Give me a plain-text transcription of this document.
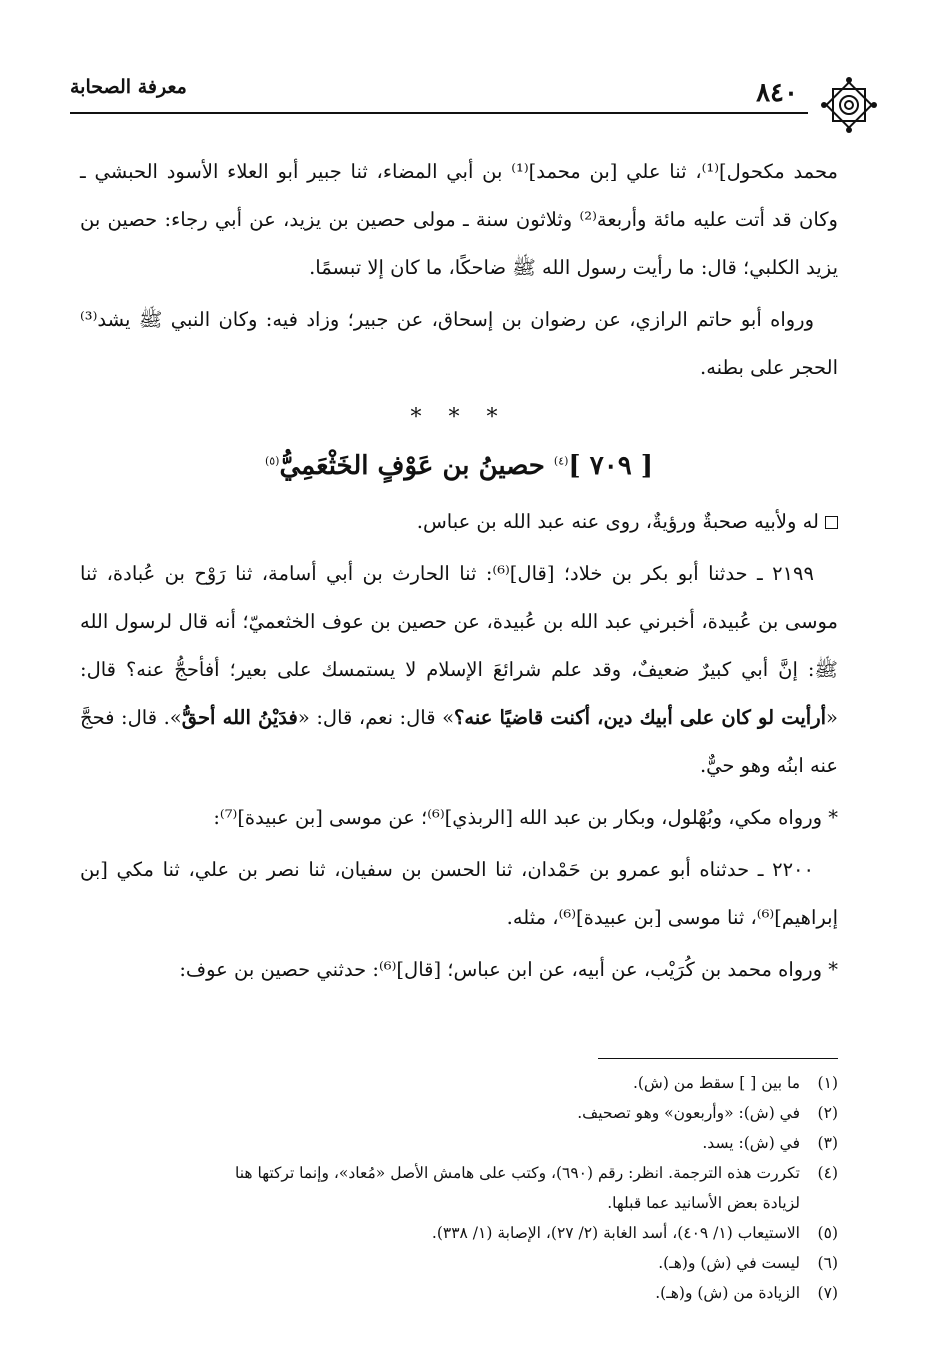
٨٤٠
معرفة الصحابة

محمد مكحول]⁽¹⁾، ثنا علي [بن محمد]⁽¹⁾ بن أبي المضاء، ثنا جبير أبو العلاء الأسود الحبشي ـ وكان قد أتت عليه مائة وأربعة⁽²⁾ وثلاثون سنة ـ مولى حصين بن يزيد، عن أبي رجاء: حصين بن يزيد الكلبي؛ قال: ما رأيت رسول الله ﷺ ضاحكًا، ما كان إلا تبسمًا.

ورواه أبو حاتم الرازي، عن رضوان بن إسحاق، عن جبير؛ وزاد فيه: وكان النبي ﷺ يشد⁽³⁾ الحجر على بطنه.

* * *
[ ٧٠٩ ]$^{(٤)}$ حصينُ بن عَوْفٍ الخَثْعَمِيُّ$^{(٥)}$

له ولأبيه صحبةٌ ورؤيةٌ، روى عنه عبد الله بن عباس.

٢١٩٩ ـ حدثنا أبو بكر بن خلاد؛ [قال]⁽⁶⁾: ثنا الحارث بن أبي أسامة، ثنا رَوْح بن عُبادة، ثنا موسى بن عُبيدة، أخبرني عبد الله بن عُبيدة، عن حصين بن عوف الخثعميّ؛ أنه قال لرسول الله ﷺ: إنَّ أبي كبيرٌ ضعيفٌ، وقد علم شرائعَ الإسلام لا يستمسك على بعير؛ أفأحجُّ عنه؟ قال: «أرأيت لو كان على أبيك دين، أكنت قاضيًا عنه؟» قال: نعم، قال: «فدَيْنُ الله أحقُّ». قال: فحجَّ عنه ابنُه وهو حيٌّ.

* ورواه مكي، وبُهْلول، وبكار بن عبد الله [الربذي]⁽⁶⁾؛ عن موسى [بن عبيدة]⁽⁷⁾:

٢٢٠٠ ـ حدثناه أبو عمرو بن حَمْدان، ثنا الحسن بن سفيان، ثنا نصر بن علي، ثنا مكي [بن إبراهيم]⁽⁶⁾، ثنا موسى [بن عبيدة]⁽⁶⁾، مثله.

* ورواه محمد بن كُرَيْب، عن أبيه، عن ابن عباس؛ [قال]⁽⁶⁾: حدثني حصين بن عوف:

(١)
ما بين [ ] سقط من (ش).
(٢)
في (ش): «وأربعون» وهو تصحيف.
(٣)
في (ش): يسد.
(٤)
تكررت هذه الترجمة. انظر: رقم (٦٩٠)، وكتب على هامش الأصل «مُعاد»، وإنما تركتها هنا
لزيادة بعض الأسانيد عما قبلها.
(٥)
الاستيعاب (١/ ٤٠٩)، أسد الغابة (٢/ ٢٧)، الإصابة (١/ ٣٣٨).
(٦)
ليست في (ش) و(هـ).
(٧)
الزيادة من (ش) و(هـ).
